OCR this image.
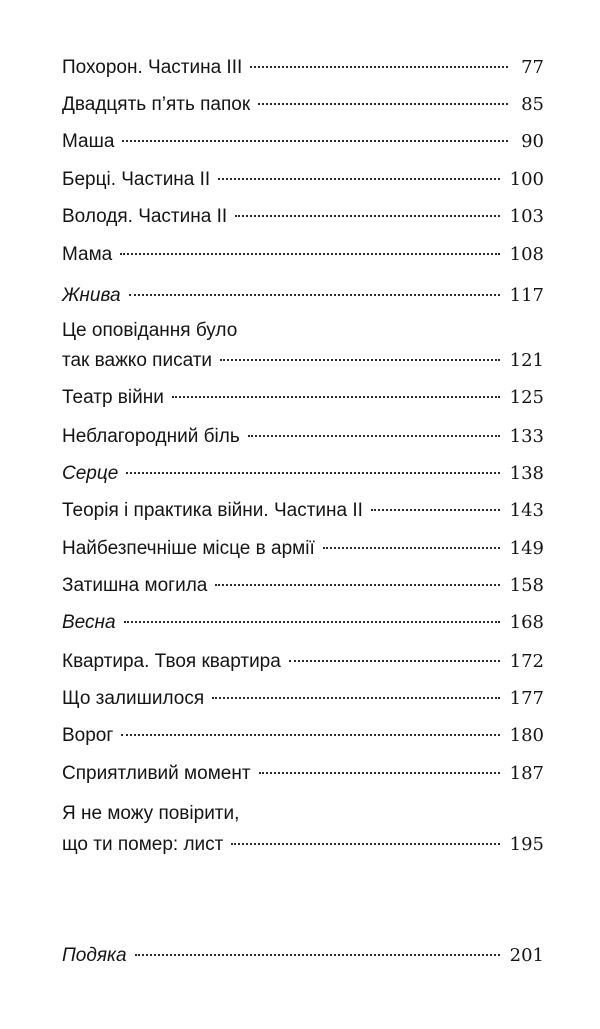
Похорон. Частина ІІІ	77
Двадцять п’ять папок	85
Маша	90
Берці. Частина ІІ	100
Володя. Частина ІІ	103
Мама	108
Жнива	117
Це оповідання було
так важко писати	121
Театр війни	125
Неблагородний біль	133
Серце	138
Теорія і практика війни. Частина ІІ	143
Найбезпечніше місце в армії	149
Затишна могила	158
Весна	168
Квартира. Твоя квартира	172
Що залишилося	177
Ворог	180
Сприятливий момент	187
Я не можу повірити,
що ти помер: лист	195
Подяка	201
